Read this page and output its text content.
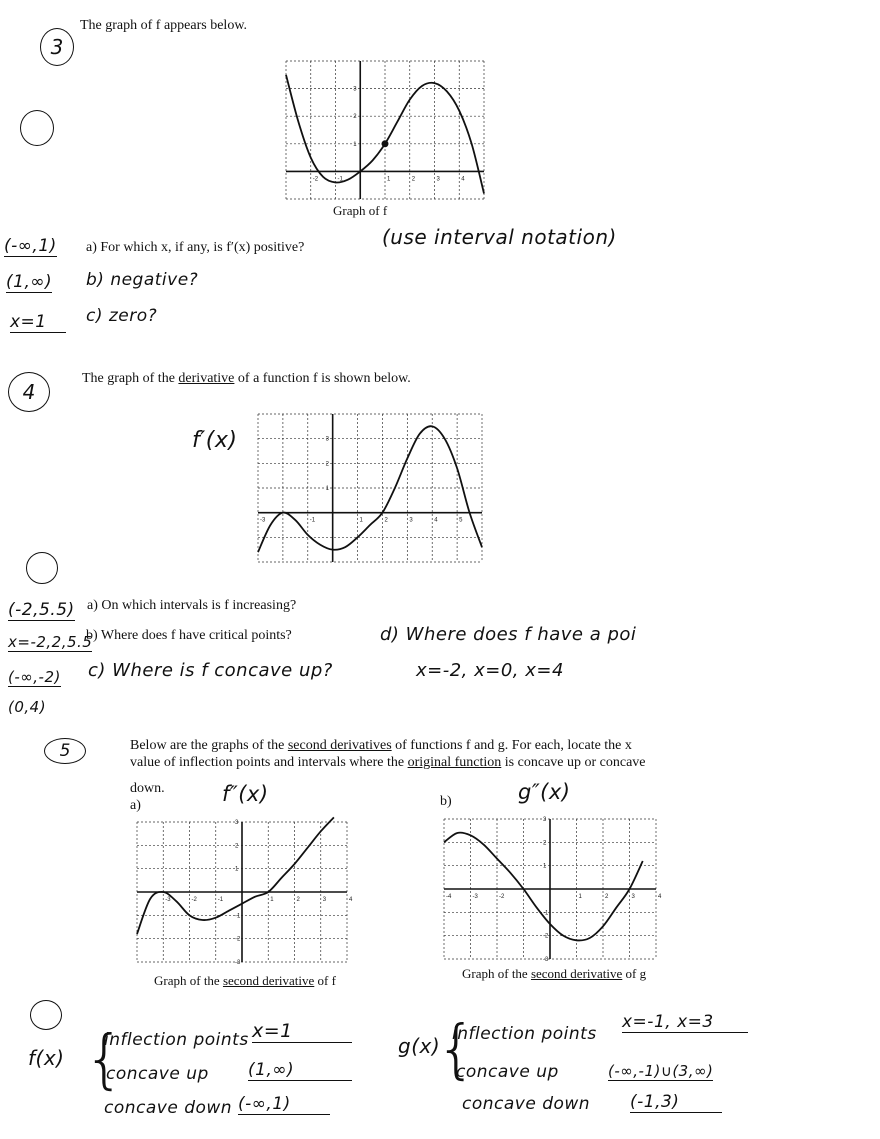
3
The graph of f appears below.
-2	-1	1	2	3	4
1
2
3
Graph of f
(-∞,1) a) For which x, if any, is f′(x) positive?	(use interval notation)
(1,∞) b) negative?
x=1	c) zero?
4
The graph of the derivative of a function f is shown below.
f′(x)
-3	-1	1	2	3	4	5
1
2
3
(-2,5.5) a) On which intervals is f increasing?
x=-2,2,5.5
b) Where does f have critical points?
(-∞,-2) c) Where is f concave up?
(0,4)
d) Where does f have a poi
x=-2, x=0, x=4
5	Below are the graphs of the second derivatives of functions f and g. For each, locate the x
value of inflection points and intervals where the original function is concave up or concave
down.
a)	b)
f″(x)	g″(x)
-3	-2	-1	1	2	3	4
-3
-2
-1
1
2
3
-4	-3	-2	1	2	3	4
-3
-2
-1
1
2
3
Graph of the second derivative of f	Graph of the second derivative of g
f(x) {
inflection points x=1
concave up (1,∞)
concave down (-∞,1)
g(x)
{
inflection points
x=-1, x=3
concave up	(-∞,-1)∪(3,∞)
concave down (-1,3)
